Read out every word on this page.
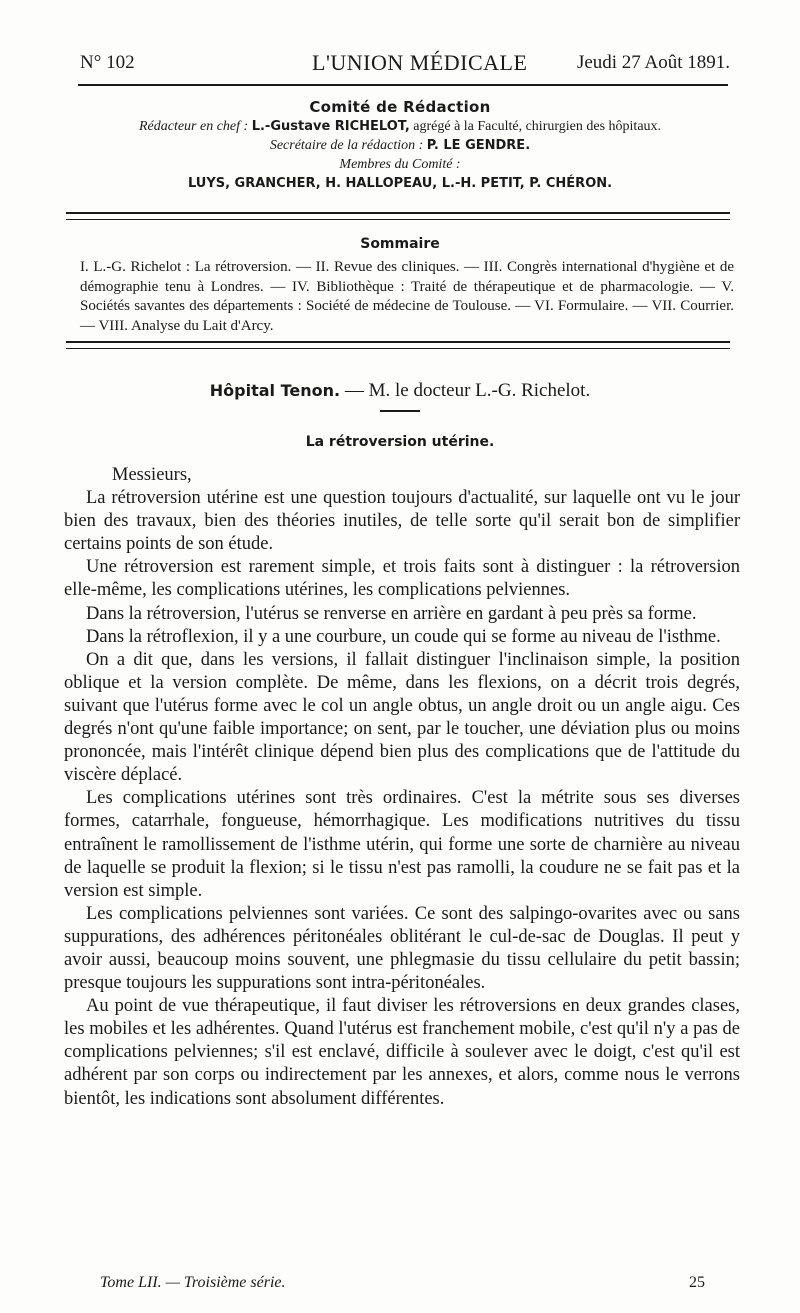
N° 102	L'UNION MÉDICALE	Jeudi 27 Août 1891.
Comité de Rédaction
Rédacteur en chef : L.-Gustave RICHELOT, agrégé à la Faculté, chirurgien des hôpitaux.
Secrétaire de la rédaction : P. LE GENDRE.
Membres du Comité :
LUYS, GRANCHER, H. HALLOPEAU, L.-H. PETIT, P. CHÉRON.
Sommaire
I. L.-G. Richelot : La rétroversion. — II. Revue des cliniques. — III. Congrès international d'hygiène et de démographie tenu à Londres. — IV. Bibliothèque : Traité de thérapeutique et de pharmacologie. — V. Sociétés savantes des départements : Société de médecine de Toulouse. — VI. Formulaire. — VII. Courrier. — VIII. Analyse du Lait d'Arcy.
Hôpital Tenon. — M. le docteur L.-G. Richelot.
La rétroversion utérine.
Messieurs,

La rétroversion utérine est une question toujours d'actualité, sur laquelle ont vu le jour bien des travaux, bien des théories inutiles, de telle sorte qu'il serait bon de simplifier certains points de son étude.

Une rétroversion est rarement simple, et trois faits sont à distinguer : la rétroversion elle-même, les complications utérines, les complications pelviennes.

Dans la rétroversion, l'utérus se renverse en arrière en gardant à peu près sa forme.

Dans la rétroflexion, il y a une courbure, un coude qui se forme au niveau de l'isthme.

On a dit que, dans les versions, il fallait distinguer l'inclinaison simple, la position oblique et la version complète. De même, dans les flexions, on a décrit trois degrés, suivant que l'utérus forme avec le col un angle obtus, un angle droit ou un angle aigu. Ces degrés n'ont qu'une faible importance; on sent, par le toucher, une déviation plus ou moins prononcée, mais l'intérêt clinique dépend bien plus des complications que de l'attitude du viscère déplacé.

Les complications utérines sont très ordinaires. C'est la métrite sous ses diverses formes, catarrhale, fongueuse, hémorrhagique. Les modifications nutritives du tissu entraînent le ramollissement de l'isthme utérin, qui forme une sorte de charnière au niveau de laquelle se produit la flexion; si le tissu n'est pas ramolli, la coudure ne se fait pas et la version est simple.

Les complications pelviennes sont variées. Ce sont des salpingo-ovarites avec ou sans suppurations, des adhérences péritonéales oblitérant le cul-de-sac de Douglas. Il peut y avoir aussi, beaucoup moins souvent, une phlegmasie du tissu cellulaire du petit bassin; presque toujours les suppurations sont intra-péritonéales.

Au point de vue thérapeutique, il faut diviser les rétroversions en deux grandes clases, les mobiles et les adhérentes. Quand l'utérus est franchement mobile, c'est qu'il n'y a pas de complications pelviennes; s'il est enclavé, difficile à soulever avec le doigt, c'est qu'il est adhérent par son corps ou indirectement par les annexes, et alors, comme nous le verrons bientôt, les indications sont absolument différentes.

Tome LII. — Troisième série.	25
